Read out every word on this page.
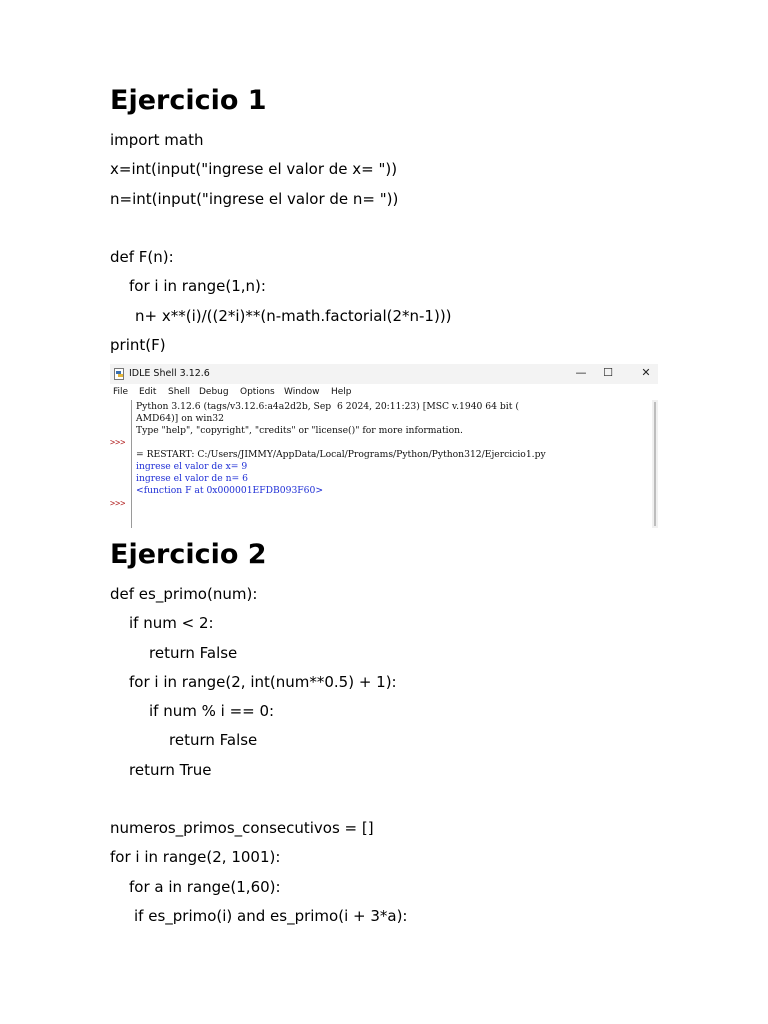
Ejercicio 1
import math
x=int(input("ingrese el valor de x= "))
n=int(input("ingrese el valor de n= "))
def F(n):
for i in range(1,n):
n+ x**(i)/((2*i)**(n-math.factorial(2*n-1)))
print(F)
IDLE Shell 3.12.6	—	☐	✕
File Edit Shell Debug Options Window Help
>>>
>>>
Python 3.12.6 (tags/v3.12.6:a4a2d2b, Sep  6 2024, 20:11:23) [MSC v.1940 64 bit (
AMD64)] on win32
Type "help", "copyright", "credits" or "license()" for more information.
= RESTART: C:/Users/JIMMY/AppData/Local/Programs/Python/Python312/Ejercicio1.py
ingrese el valor de x= 9
ingrese el valor de n= 6
<function F at 0x000001EFDB093F60>
Ejercicio 2
def es_primo(num):
if num < 2:
return False
for i in range(2, int(num**0.5) + 1):
if num % i == 0:
return False
return True
numeros_primos_consecutivos = []
for i in range(2, 1001):
for a in range(1,60):
if es_primo(i) and es_primo(i + 3*a):
